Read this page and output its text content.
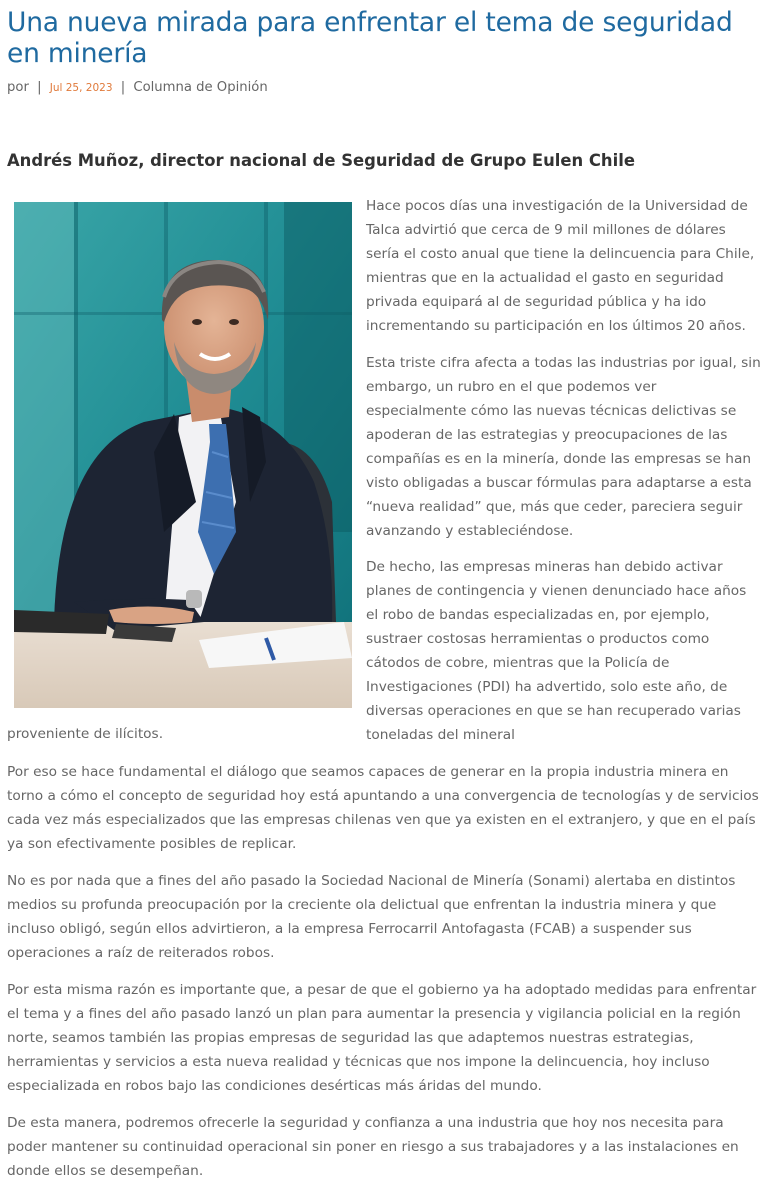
Una nueva mirada para enfrentar el tema de seguridad en minería
por | Jul 25, 2023 | Columna de Opinión
Andrés Muñoz, director nacional de Seguridad de Grupo Eulen Chile

Hace pocos días una investigación de la Universidad de Talca advirtió que cerca de 9 mil millones de dólares sería el costo anual que tiene la delincuencia para Chile, mientras que en la actualidad el gasto en seguridad privada equipará al de seguridad pública y ha ido incrementando su participación en los últimos 20 años.

Esta triste cifra afecta a todas las industrias por igual, sin embargo, un rubro en el que podemos ver especialmente cómo las nuevas técnicas delictivas se apoderan de las estrategias y preocupaciones de las compañías es en la minería, donde las empresas se han visto obligadas a buscar fórmulas para adaptarse a esta “nueva realidad” que, más que ceder, pareciera seguir avanzando y estableciéndose.

De hecho, las empresas mineras han debido activar planes de contingencia y vienen denunciado hace años el robo de bandas especializadas en, por ejemplo, sustraer costosas herramientas o productos como cátodos de cobre, mientras que la Policía de Investigaciones (PDI) ha advertido, solo este año, de diversas operaciones en que se han recuperado varias toneladas del mineral

proveniente de ilícitos.

Por eso se hace fundamental el diálogo que seamos capaces de generar en la propia industria minera en torno a cómo el concepto de seguridad hoy está apuntando a una convergencia de tecnologías y de servicios cada vez más especializados que las empresas chilenas ven que ya existen en el extranjero, y que en el país ya son efectivamente posibles de replicar.

No es por nada que a fines del año pasado la Sociedad Nacional de Minería (Sonami) alertaba en distintos medios su profunda preocupación por la creciente ola delictual que enfrentan la industria minera y que incluso obligó, según ellos advirtieron, a la empresa Ferrocarril Antofagasta (FCAB) a suspender sus operaciones a raíz de reiterados robos.

Por esta misma razón es importante que, a pesar de que el gobierno ya ha adoptado medidas para enfrentar el tema y a fines del año pasado lanzó un plan para aumentar la presencia y vigilancia policial en la región norte, seamos también las propias empresas de seguridad las que adaptemos nuestras estrategias, herramientas y servicios a esta nueva realidad y técnicas que nos impone la delincuencia, hoy incluso especializada en robos bajo las condiciones desérticas más áridas del mundo.

De esta manera, podremos ofrecerle la seguridad y confianza a una industria que hoy nos necesita para poder mantener su continuidad operacional sin poner en riesgo a sus trabajadores y a las instalaciones en donde ellos se desempeñan.
